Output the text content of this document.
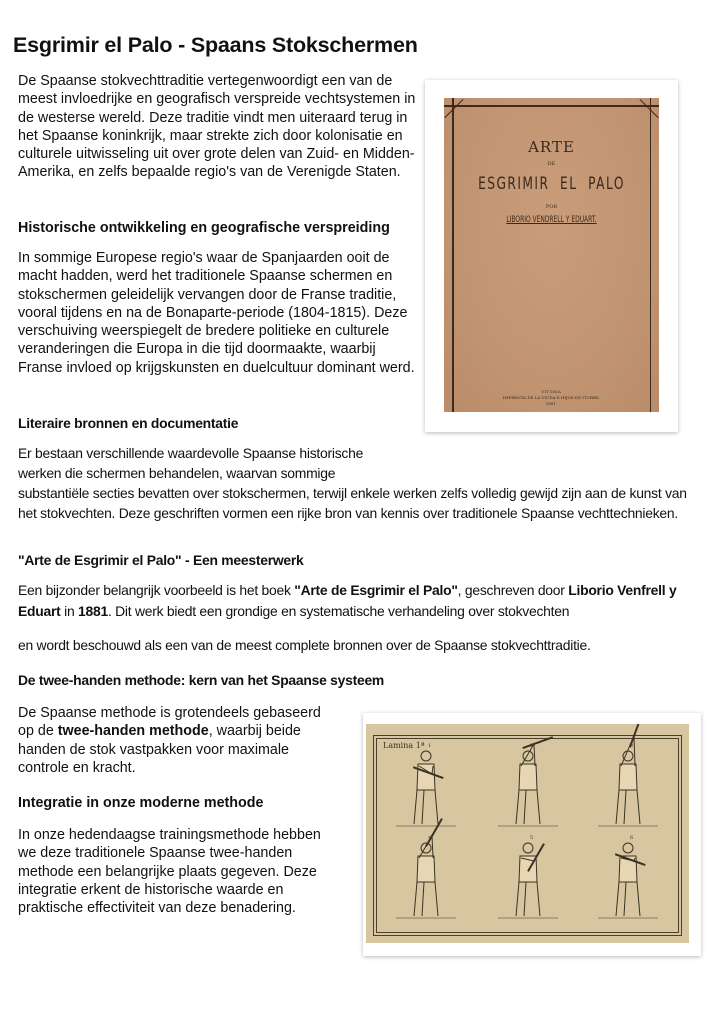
Esgrimir el Palo - Spaans Stokschermen

De Spaanse stokvechttraditie vertegenwoordigt een van de meest invloedrijke en geografisch verspreide vechtsystemen in de westerse wereld. Deze traditie vindt men uiteraard terug in het Spaanse koninkrijk, maar strekte zich door kolonisatie en culturele uitwisseling uit over grote delen van Zuid- en Midden-Amerika, en zelfs bepaalde regio's van de Verenigde Staten.

Historische ontwikkeling en geografische verspreiding

In sommige Europese regio's waar de Spanjaarden ooit de macht hadden, werd het traditionele Spaanse schermen en stokschermen geleidelijk vervangen door de Franse traditie, vooral tijdens en na de Bonaparte-periode (1804-1815). Deze verschuiving weerspiegelt de bredere politieke en culturele veranderingen die Europa in die tijd doormaakte, waarbij Franse invloed op krijgskunsten en duelcultuur dominant werd.

Literaire bronnen en documentatie
Er bestaan verschillende waardevolle Spaanse historische
werken die schermen behandelen, waarvan sommige
substantiële secties bevatten over stokschermen, terwijl enkele werken zelfs volledig gewijd zijn aan de kunst van het stokvechten. Deze geschriften vormen een rijke bron van kennis over traditionele Spaanse vechttechnieken.
"Arte de Esgrimir el Palo" - Een meesterwerk

Een bijzonder belangrijk voorbeeld is het boek "Arte de Esgrimir el Palo", geschreven door Liborio Venfrell y Eduart in 1881. Dit werk biedt een grondige en systematische verhandeling over stokvechten

en wordt beschouwd als een van de meest complete bronnen over de Spaanse stokvechttraditie.

De twee-handen methode: kern van het Spaanse systeem

De Spaanse methode is grotendeels gebaseerd op de twee-handen methode, waarbij beide handen de stok vastpakken voor maximale controle en kracht.

Integratie in onze moderne methode

In onze hedendaagse trainingsmethode hebben we deze traditionele Spaanse twee-handen methode een belangrijke plaats gegeven. Deze integratie erkent de historische waarde en praktische effectiviteit van deze benadering.

ARTE
DE
ESGRIMIR  EL  PALO
POR
LIBORIO VENDRELL Y EDUART.
VITORIA
IMPRENTA DE LA VIUDA E HIJOS DE ITURBE.
1881.
Lamina 1ª 1	2	3
4	5	6
